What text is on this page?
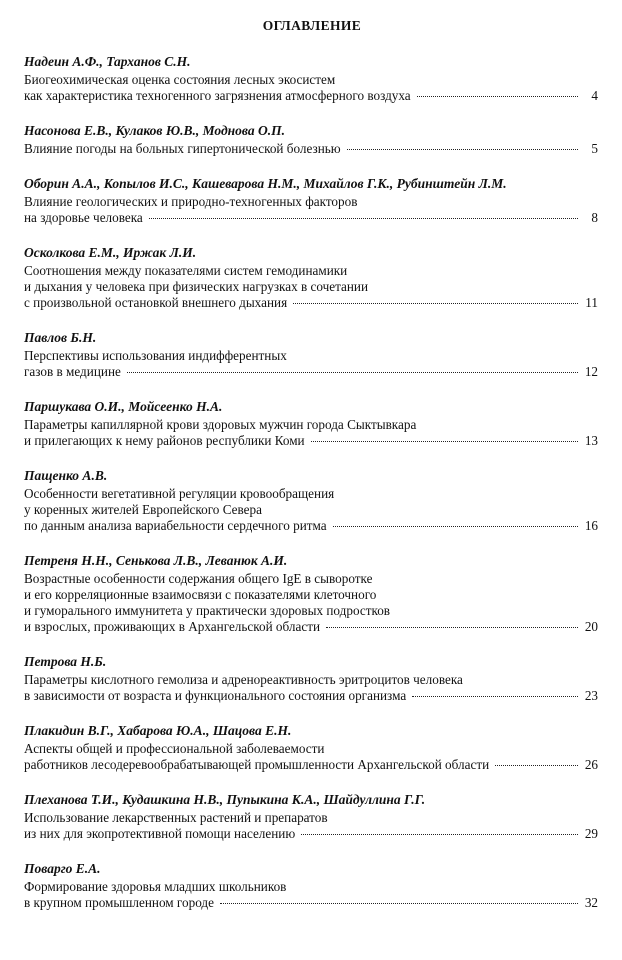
ОГЛАВЛЕНИЕ
Надеин А.Ф., Тарханов С.Н.
Биогеохимическая оценка состояния лесных экосистем
как характеристика техногенного загрязнения атмосферного воздуха	4
Насонова Е.В., Кулаков Ю.В., Моднова О.П.
Влияние погоды на больных гипертонической болезнью	5
Оборин А.А., Копылов И.С., Кашеварова Н.М., Михайлов Г.К., Рубинштейн Л.М.
Влияние геологических и природно-техногенных факторов
на здоровье человека	8
Осколкова Е.М., Иржак Л.И.
Соотношения между показателями систем гемодинамики
и дыхания у человека при физических нагрузках в сочетании
с произвольной остановкой внешнего дыхания	11
Павлов Б.Н.
Перспективы использования индифферентных
газов в медицине	12
Паршукава О.И., Мойсеенко Н.А.
Параметры капиллярной крови здоровых мужчин города Сыктывкара
и прилегающих к нему районов республики Коми	13
Пащенко А.В.
Особенности вегетативной регуляции кровообращения
у коренных жителей Европейского Севера
по данным анализа вариабельности сердечного ритма	16
Петреня Н.Н., Сенькова Л.В., Леванюк А.И.
Возрастные особенности содержания общего IgE в сыворотке
и его корреляционные взаимосвязи с показателями клеточного
и гуморального иммунитета у практически здоровых подростков
и взрослых, проживающих в Архангельской области	20
Петрова Н.Б.
Параметры кислотного гемолиза и адренореактивность эритроцитов человека
в зависимости от возраста и функционального состояния организма	23
Плакидин В.Г., Хабарова Ю.А., Шацова Е.Н.
Аспекты общей и профессиональной заболеваемости
работников лесодеревообрабатывающей промышленности Архангельской области	26
Плеханова Т.И., Кудашкина Н.В., Пупыкина К.А., Шайдуллина Г.Г.
Использование лекарственных растений и препаратов
из них для экопротективной помощи населению	29
Поварго Е.А.
Формирование здоровья младших школьников
в крупном промышленном городе	32
